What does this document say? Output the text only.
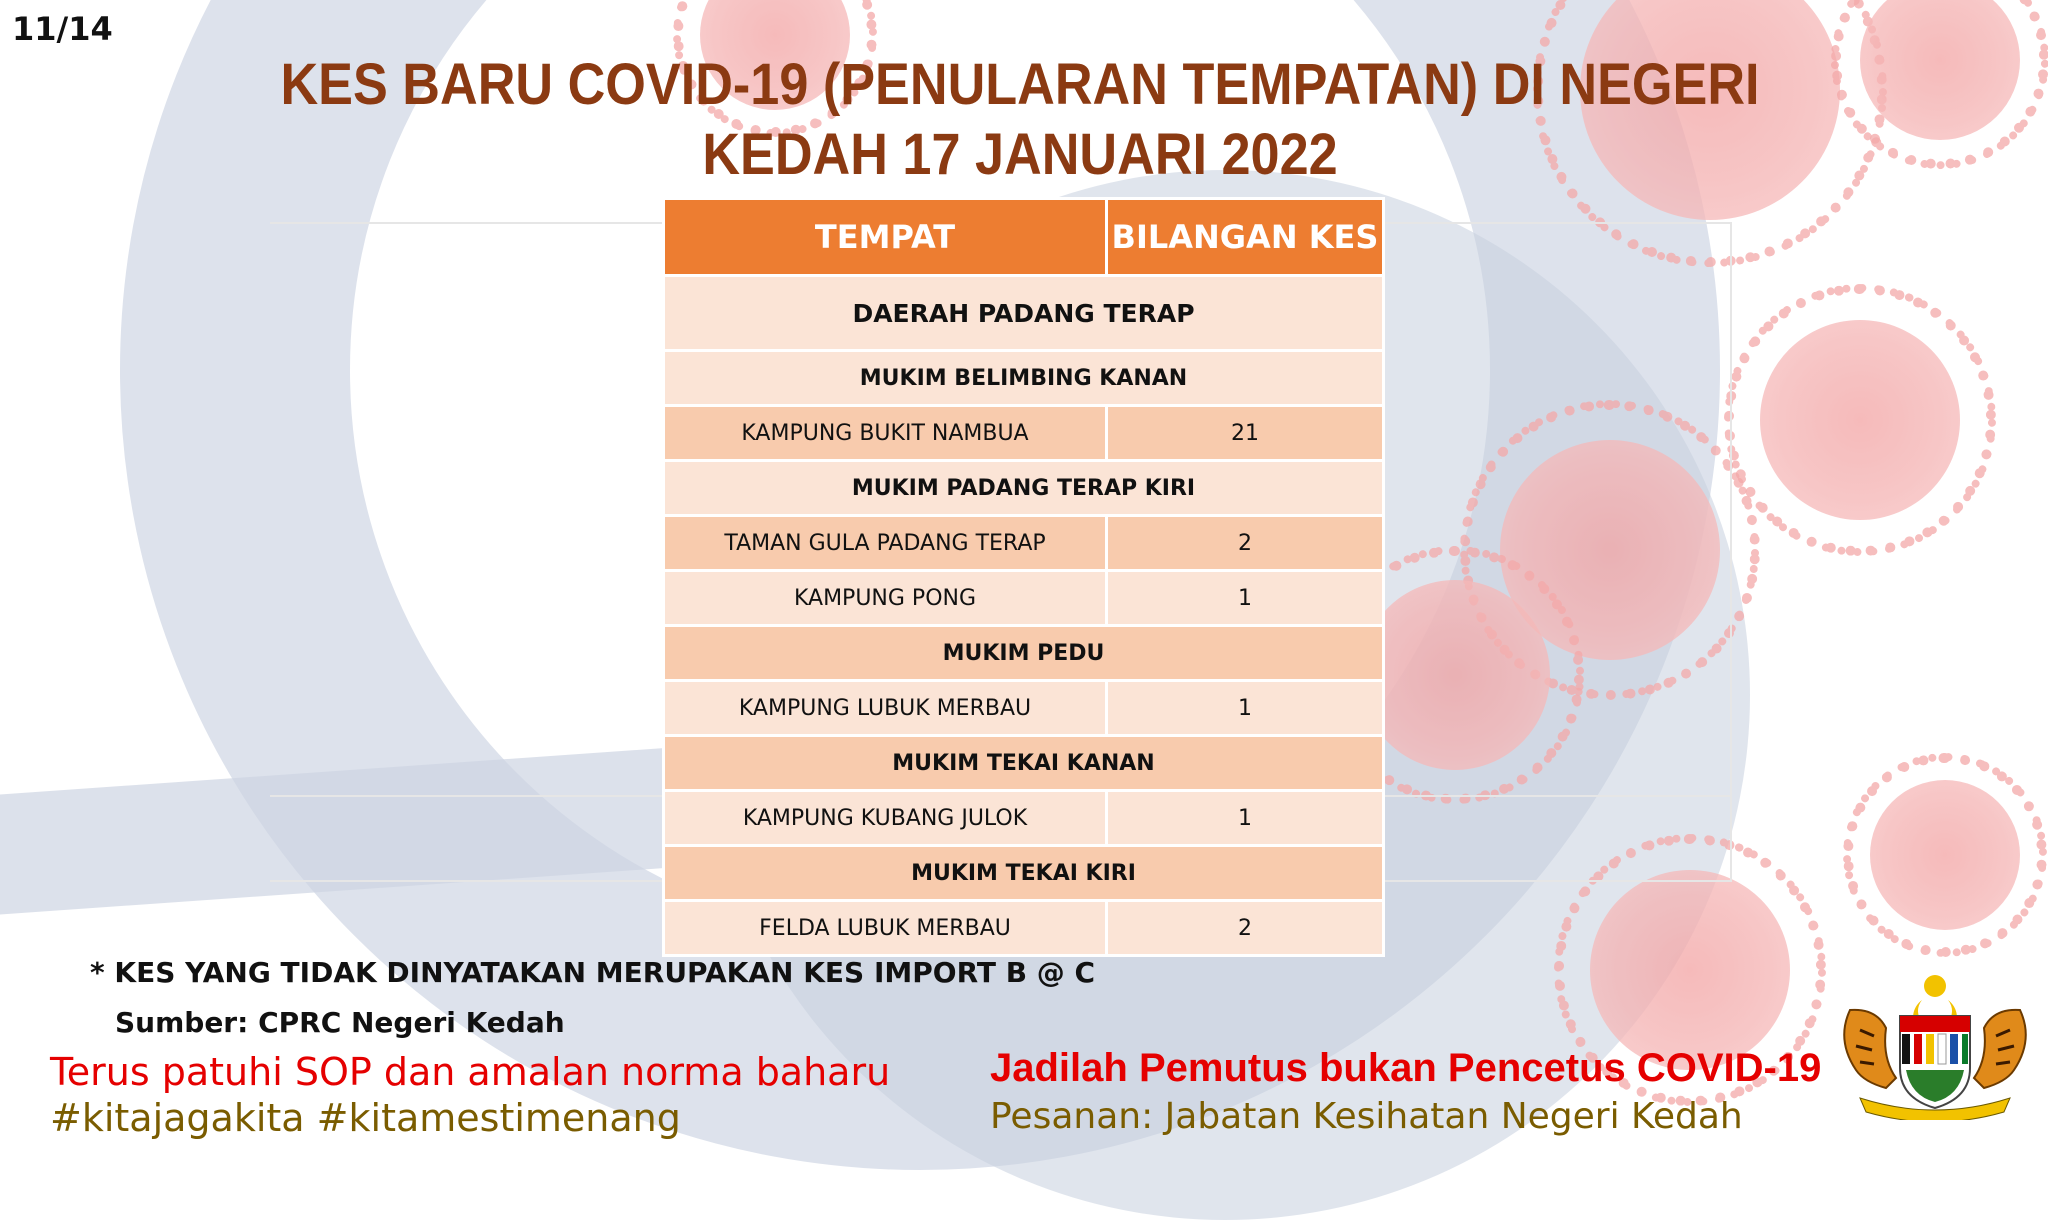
11/14
KES BARU COVID-19 (PENULARAN TEMPATAN) DI NEGERI
KEDAH 17 JANUARI 2022
TEMPAT	BILANGAN KES
DAERAH PADANG TERAP	
MUKIM BELIMBING KANAN	
KAMPUNG BUKIT NAMBUA	21
MUKIM PADANG TERAP KIRI	
TAMAN GULA PADANG TERAP	2
KAMPUNG PONG	1
MUKIM PEDU	
KAMPUNG LUBUK MERBAU	1
MUKIM TEKAI KANAN	
KAMPUNG KUBANG JULOK	1
MUKIM TEKAI KIRI	
FELDA LUBUK MERBAU	2
* KES YANG TIDAK DINYATAKAN MERUPAKAN KES IMPORT B @ C
Sumber: CPRC Negeri Kedah
Terus patuhi SOP dan amalan norma baharu
#kitajagakita #kitamestimenang
Jadilah Pemutus bukan Pencetus COVID-19
Pesanan: Jabatan Kesihatan Negeri Kedah
